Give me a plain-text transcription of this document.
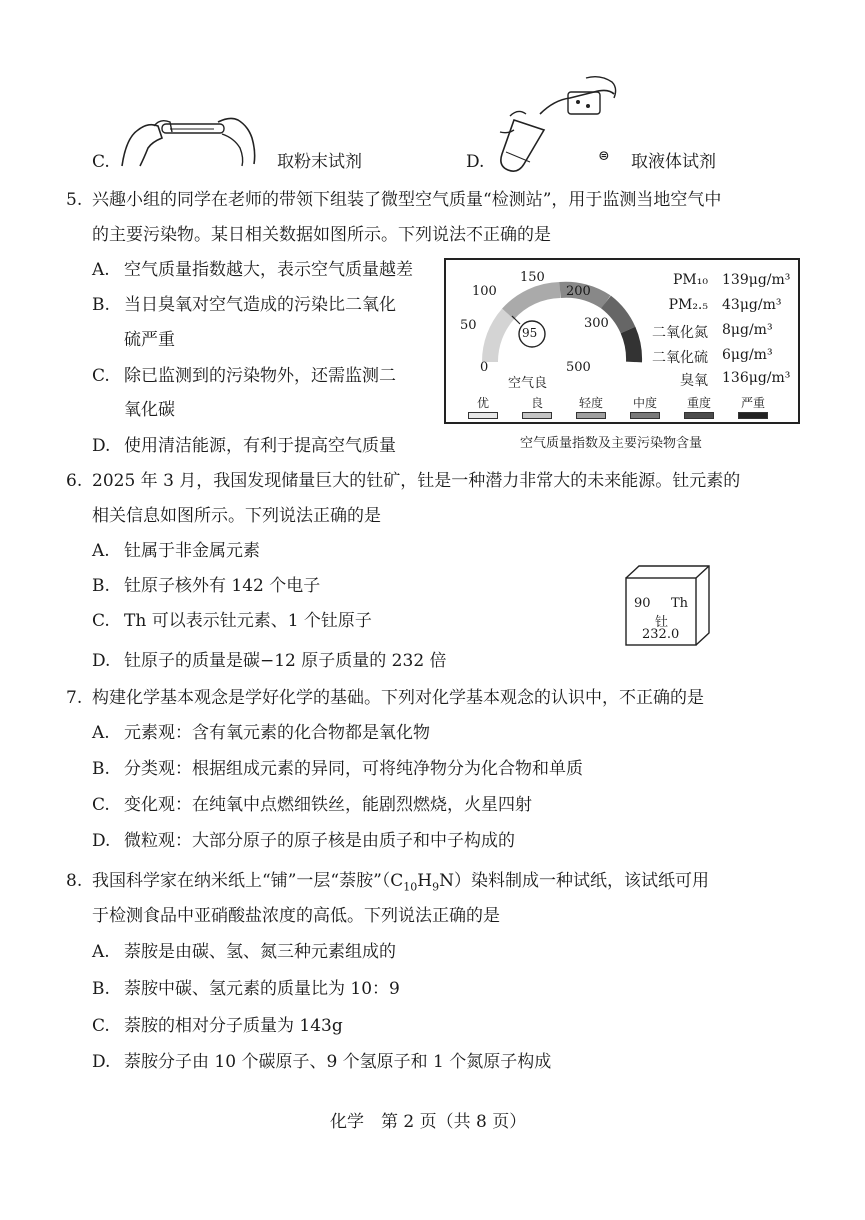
C.	取粉末试剂	D.	⊜ 取液体试剂
5. 兴趣小组的同学在老师的带领下组装了微型空气质量“检测站”，用于监测当地空气中
的主要污染物。某日相关数据如图所示。下列说法不正确的是
A. 空气质量指数越大，表示空气质量越差
B. 当日臭氧对空气造成的污染比二氧化
硫严重
C. 除已监测到的污染物外，还需监测二
氧化碳
D. 使用清洁能源，有利于提高空气质量
0
50
100
150
200
300
500
95
空气良
PM₁₀ 139μg/m³
PM₂.₅ 43μg/m³
二氧化氮 8μg/m³
二氧化硫 6μg/m³
臭氧 136μg/m³
优	良	轻度	中度	重度	严重
空气质量指数及主要污染物含量
6. 2025 年 3 月，我国发现储量巨大的钍矿，钍是一种潜力非常大的未来能源。钍元素的
相关信息如图所示。下列说法正确的是
A. 钍属于非金属元素
B. 钍原子核外有 142 个电子
C. Th 可以表示钍元素、1 个钍原子
D. 钍原子的质量是碳−12 原子质量的 232 倍
90 Th
钍
232.0
7. 构建化学基本观念是学好化学的基础。下列对化学基本观念的认识中，不正确的是
A. 元素观：含有氧元素的化合物都是氧化物
B. 分类观：根据组成元素的异同，可将纯净物分为化合物和单质
C. 变化观：在纯氧中点燃细铁丝，能剧烈燃烧，火星四射
D. 微粒观：大部分原子的原子核是由质子和中子构成的
8. 我国科学家在纳米纸上“铺”一层“萘胺$”(C_{10}H_9N)$染料制成一种试纸，该试纸可用
于检测食品中亚硝酸盐浓度的高低。下列说法正确的是
A. 萘胺是由碳、氢、氮三种元素组成的
B. 萘胺中碳、氢元素的质量比为 10：9
C. 萘胺的相对分子质量为 143g
D. 萘胺分子由 10 个碳原子、9 个氢原子和 1 个氮原子构成
化学　第 2 页（共 8 页）
